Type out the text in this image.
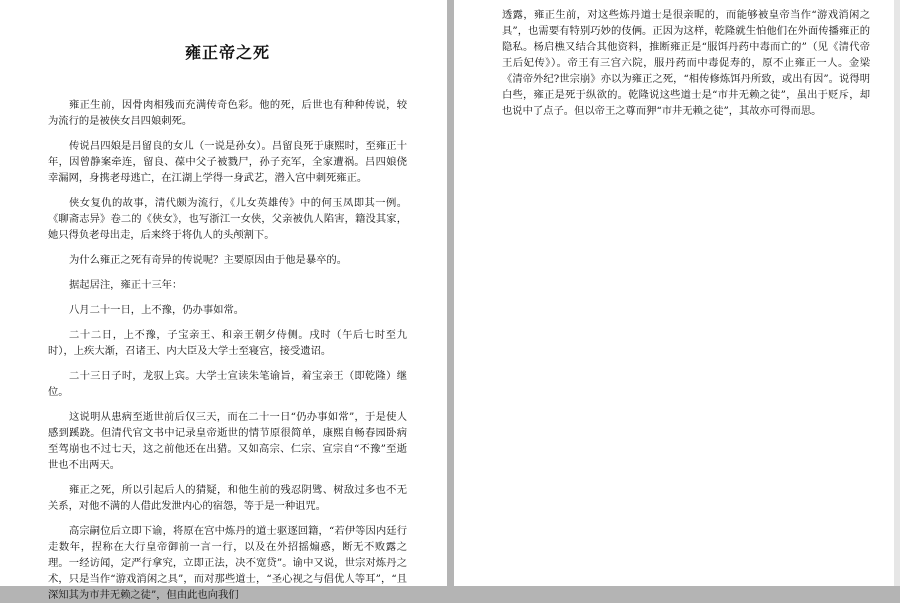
雍正帝之死

雍正生前，因骨肉相残而充满传奇色彩。他的死，后世也有种种传说，较为流行的是被侠女吕四娘刺死。

传说吕四娘是吕留良的女儿（一说是孙女）。吕留良死于康熙时，至雍正十年，因曾静案牵连，留良、葆中父子被戮尸，孙子充军，全家遭祸。吕四娘侥幸漏网，身携老母逃亡，在江湖上学得一身武艺，潜入宫中刺死雍正。

侠女复仇的故事，清代颇为流行，《儿女英雄传》中的何玉凤即其一例。《聊斋志异》卷二的《侠女》，也写浙江一女侠，父亲被仇人陷害，籍没其家，她只得负老母出走，后来终于将仇人的头颅割下。

为什么雍正之死有奇异的传说呢？主要原因由于他是暴卒的。

据起居注，雍正十三年：

八月二十一日，上不豫，仍办事如常。

二十二日，上不豫，子宝亲王、和亲王朝夕侍侧。戌时（午后七时至九时），上疾大渐，召诸王、内大臣及大学士至寝宫，接受遗诏。

二十三日子时，龙驭上宾。大学士宣读朱笔谕旨，着宝亲王（即乾隆）继位。

这说明从患病至逝世前后仅三天，而在二十一日“仍办事如常”，于是使人感到蹊跷。但清代官文书中记录皇帝逝世的情节原很简单，康熙自畅春园卧病至驾崩也不过七天，这之前他还在出猎。又如高宗、仁宗、宣宗自“不豫”至逝世也不出两天。

雍正之死，所以引起后人的猜疑，和他生前的残忍阴骘、树敌过多也不无关系，对他不满的人借此发泄内心的宿怨，等于是一种诅咒。

高宗嗣位后立即下谕，将原在宫中炼丹的道士驱逐回籍，“若伊等因内廷行走数年，捏称在大行皇帝御前一言一行，以及在外招摇煽惑，断无不败露之理。一经访闻，定严行拿究，立即正法，决不宽贷”。谕中又说，世宗对炼丹之术，只是当作“游戏消闲之具”，而对那些道士，“圣心视之与倡优人等耳”，“且深知其为市井无赖之徒”，但由此也向我们

透露，雍正生前，对这些炼丹道士是很亲昵的，而能够被皇帝当作“游戏消闲之具”，也需要有特别巧妙的伎俩。正因为这样，乾隆就生怕他们在外面传播雍正的隐私。杨启樵又结合其他资料，推断雍正是“服饵丹药中毒而亡的”（见《清代帝王后妃传》）。帝王有三宫六院，服丹药而中毒促寿的，原不止雍正一人。金梁《清帝外纪?世宗崩》亦以为雍正之死，“相传修炼饵丹所致，或出有因”。说得明白些，雍正是死于纵欲的。乾隆说这些道士是“市井无赖之徒”，虽出于贬斥，却也说中了点子。但以帝王之尊而狎“市井无赖之徒”，其故亦可得而思。
